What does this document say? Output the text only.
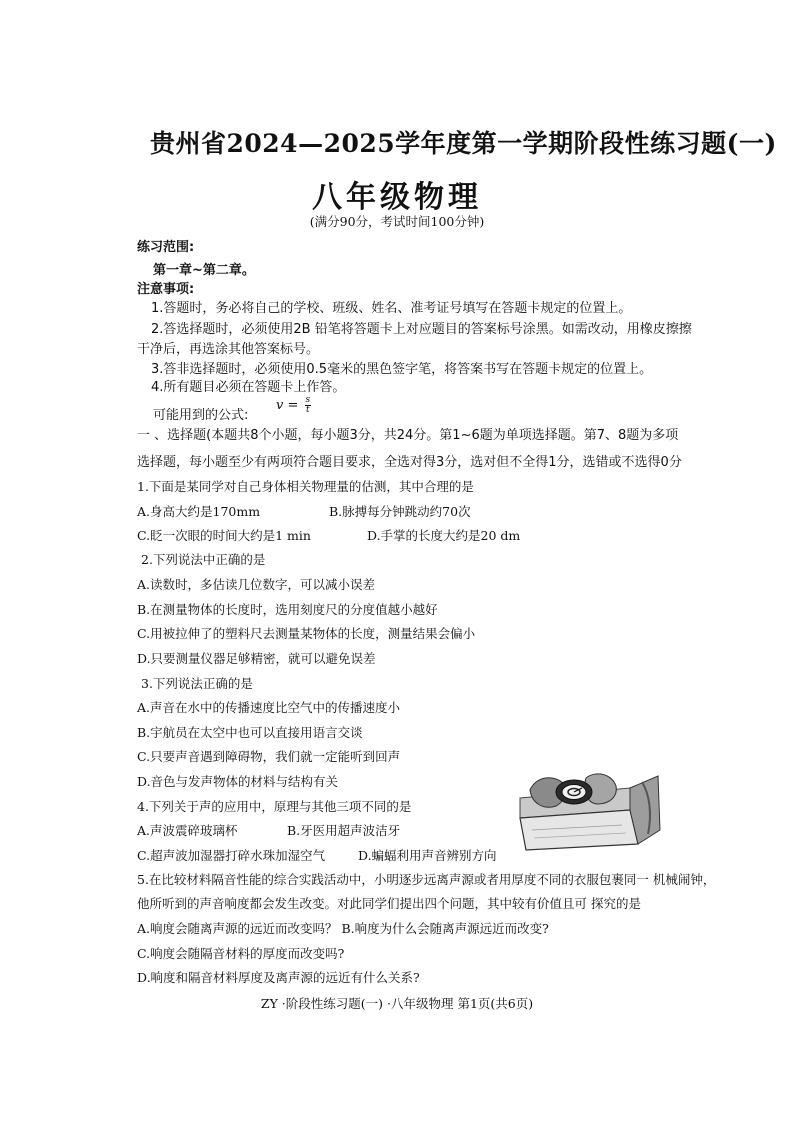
贵州省2024—2025学年度第一学期阶段性练习题(一)
八年级物理
(满分90分，考试时间100分钟)
练习范围:
第一章~第二章。
注意事项:
1.答题时，务必将自己的学校、班级、姓名、准考证号填写在答题卡规定的位置上。
2.答选择题时，必须使用2B 铅笔将答题卡上对应题目的答案标号涂黑。如需改动，用橡皮擦擦
干净后，再选涂其他答案标号。
3.答非选择题时，必须使用0.5毫米的黑色签字笔，将答案书写在答题卡规定的位置上。
4.所有题目必须在答题卡上作答。
可能用到的公式:
$v = \frac{s}{t}$
一 、选择题(本题共8个小题，每小题3分，共24分。第1~6题为单项选择题。第7、8题为多项
选择题，每小题至少有两项符合题目要求，全选对得3分，选对但不全得1分，选错或不选得0分
1.下面是某同学对自己身体相关物理量的估测，其中合理的是
A.身高大约是170mm	B.脉搏每分钟跳动约70次
C.眨一次眼的时间大约是1 min	D.手掌的长度大约是20 dm
2.下列说法中正确的是
A.读数时，多估读几位数字，可以减小误差
B.在测量物体的长度时，选用刻度尺的分度值越小越好
C.用被拉伸了的塑料尺去测量某物体的长度，测量结果会偏小
D.只要测量仪器足够精密，就可以避免误差
3.下列说法正确的是
A.声音在水中的传播速度比空气中的传播速度小
B.宇航员在太空中也可以直接用语言交谈
C.只要声音遇到障碍物，我们就一定能听到回声
D.音色与发声物体的材料与结构有关
4.下列关于声的应用中，原理与其他三项不同的是
A.声波震碎玻璃杯	B.牙医用超声波洁牙
C.超声波加湿器打碎水珠加湿空气	D.蝙蝠利用声音辨别方向
5.在比较材料隔音性能的综合实践活动中，小明逐步远离声源或者用厚度不同的衣服包裹同一 机械闹钟，
他所听到的声音响度都会发生改变。对此同学们提出四个问题，其中较有价值且可 探究的是
A.响度会随离声源的远近而改变吗？ B.响度为什么会随离声源远近而改变?
C.响度会随隔音材料的厚度而改变吗?
D.响度和隔音材料厚度及离声源的远近有什么关系?
ZY ·阶段性练习题(一) ·八年级物理 第1页(共6页)
